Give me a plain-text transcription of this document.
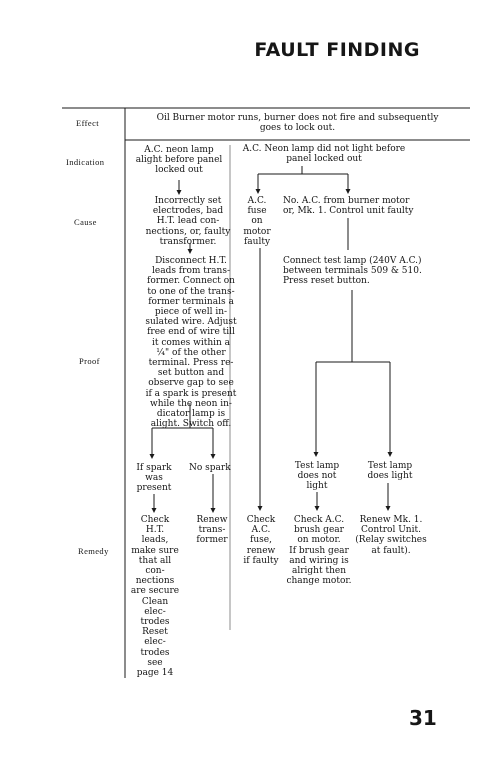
FAULT FINDING
Effect
Indication
Cause
Proof
Remedy
Oil Burner motor runs, burner does not fire and subsequently
goes to lock out.
A.C. neon lamp
alight before panel
locked out
A.C. Neon lamp did not light before
panel locked out
Incorrectly set
electrodes, bad
H.T. lead con-
nections, or, faulty
transformer.
A.C.
fuse
on
motor
faulty
No. A.C. from burner motor
or, Mk. 1. Control unit faulty
Disconnect H.T.
leads from trans-
former. Connect on
to one of the trans-
former terminals a
piece of well in-
sulated wire. Adjust
free end of wire till
it comes within a
¼" of the other
terminal. Press re-
set button and
observe gap to see
if a spark is present
while the neon in-
dicator lamp is
alight. Switch off.
Connect test lamp (240V A.C.)
between terminals 509 & 510.
Press reset button.
If spark
was
present
No spark	Test lamp
does not
light
Test lamp
does light
Check
H.T.
leads,
make sure
that all
con-
nections
are secure
Clean
elec-
trodes
Reset
elec-
trodes
see
page 14
Renew
trans-
former
Check
A.C.
fuse,
renew
if faulty
Check A.C.
brush gear
on motor.
If brush gear
and wiring is
alright then
change motor.
Renew Mk. 1.
Control Unit.
(Relay switches
at fault).
31
